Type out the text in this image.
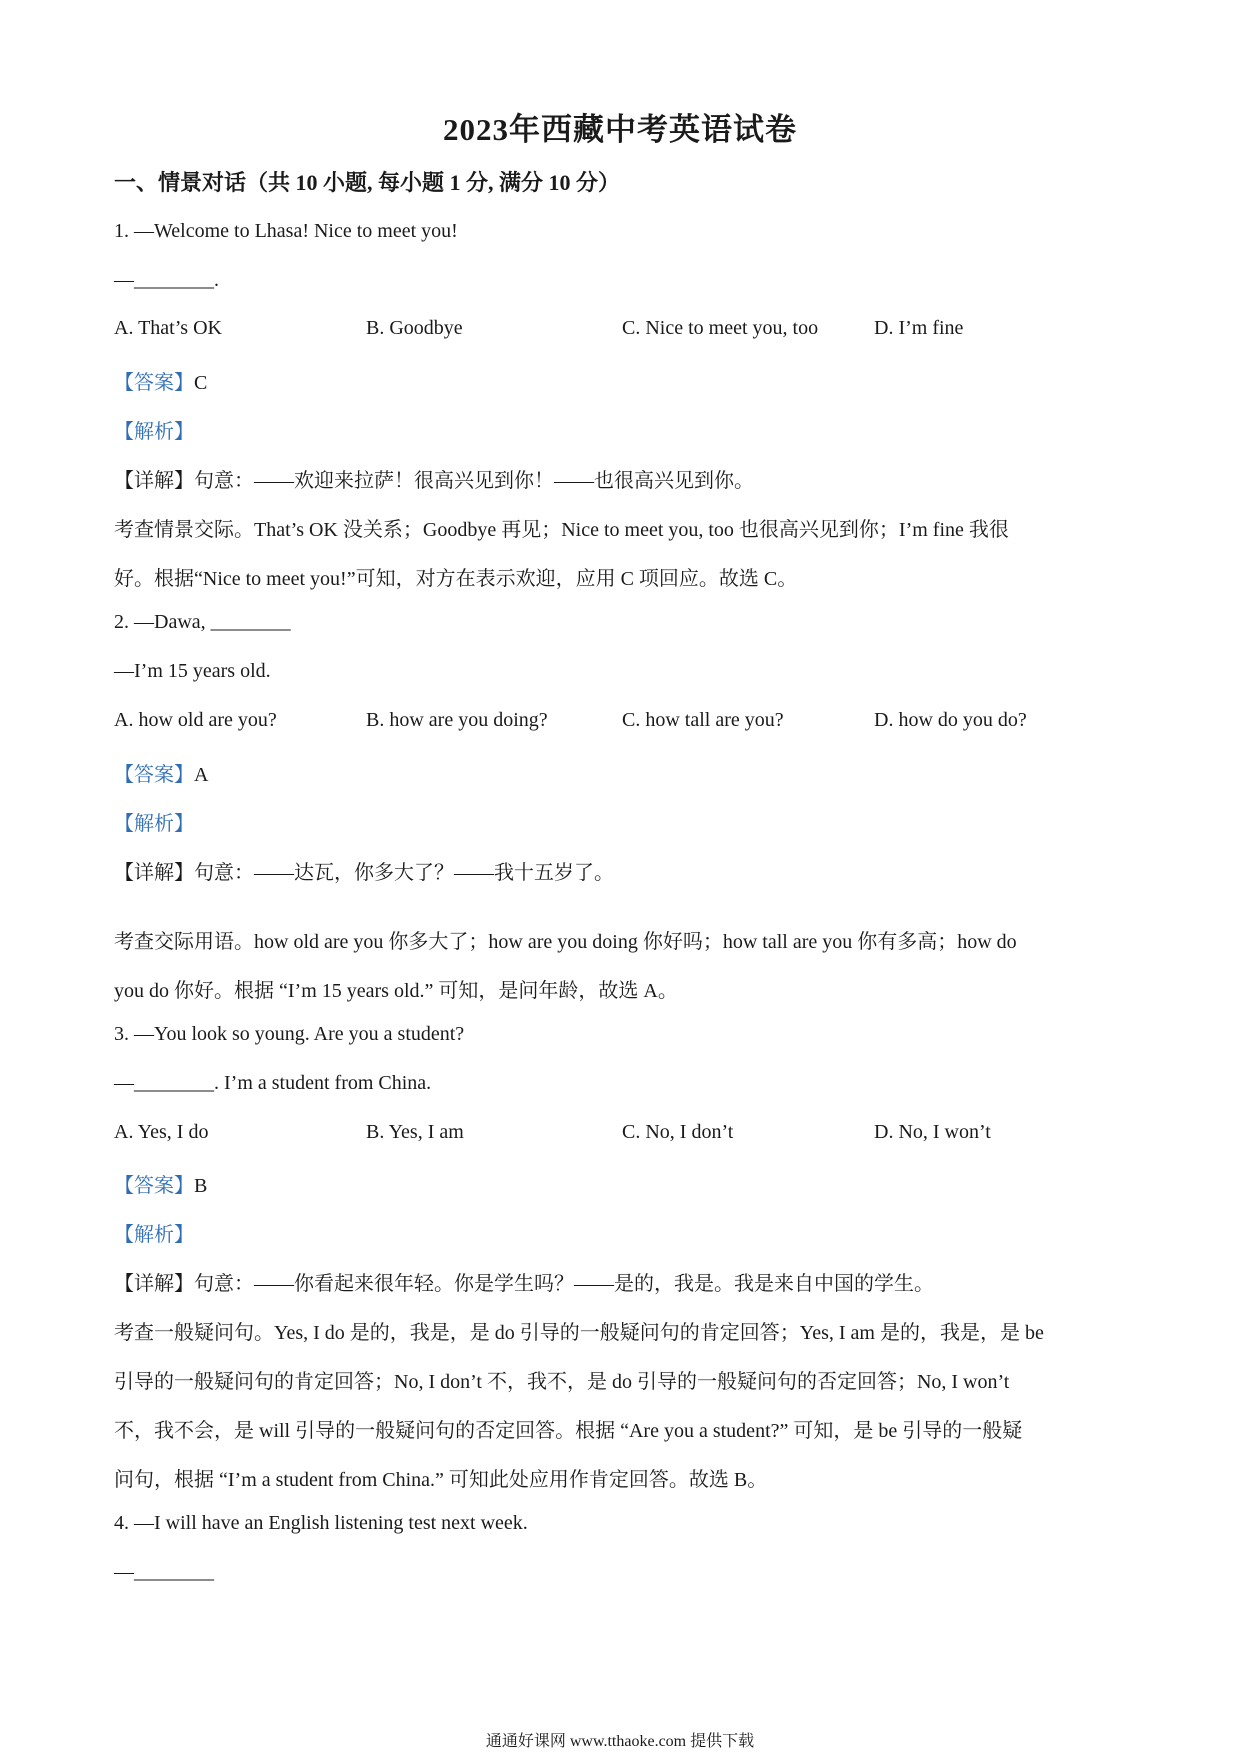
2023年西藏中考英语试卷
一、情景对话（共 10 小题, 每小题 1 分, 满分 10 分）
1. —Welcome to Lhasa! Nice to meet you!
—________.
A. That’s OK	B. Goodbye	C. Nice to meet you, too	D. I’m fine
【答案】C
【解析】
【详解】句意：——欢迎来拉萨！很高兴见到你！——也很高兴见到你。
考查情景交际。That’s OK 没关系；Goodbye 再见；Nice to meet you, too 也很高兴见到你；I’m fine 我很
好。根据“Nice to meet you!”可知，对方在表示欢迎，应用 C 项回应。故选 C。
2. —Dawa, ________
—I’m 15 years old.
A. how old are you?	B. how are you doing?	C. how tall are you?	D. how do you do?
【答案】A
【解析】
【详解】句意：——达瓦，你多大了？——我十五岁了。
考查交际用语。how old are you 你多大了；how are you doing 你好吗；how tall are you 你有多高；how do
you do 你好。根据 “I’m 15 years old.” 可知，是问年龄，故选 A。
3. —You look so young. Are you a student?
—________. I’m a student from China.
A. Yes, I do	B. Yes, I am	C. No, I don’t	D. No, I won’t
【答案】B
【解析】
【详解】句意：——你看起来很年轻。你是学生吗？——是的，我是。我是来自中国的学生。
考查一般疑问句。Yes, I do 是的，我是，是 do 引导的一般疑问句的肯定回答；Yes, I am 是的，我是，是 be
引导的一般疑问句的肯定回答；No, I don’t 不，我不，是 do 引导的一般疑问句的否定回答；No, I won’t
不，我不会，是 will 引导的一般疑问句的否定回答。根据 “Are you a student?” 可知，是 be 引导的一般疑
问句，根据 “I’m a student from China.” 可知此处应用作肯定回答。故选 B。
4. —I will have an English listening test next week.
—________
通通好课网 www.tthaoke.com 提供下载
